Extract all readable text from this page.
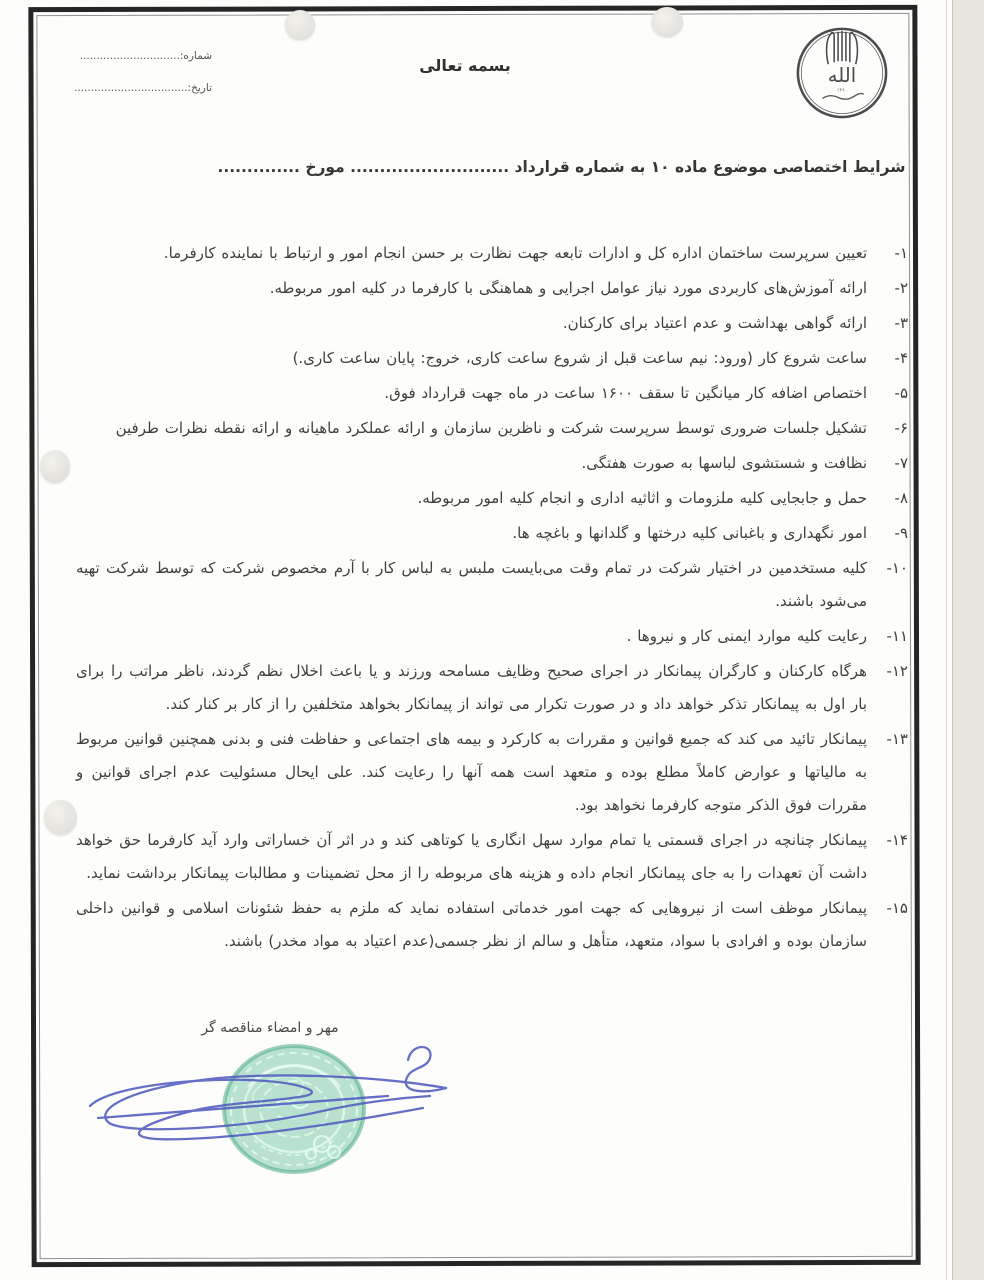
الله
۱۳۶۰
بسمه تعالی
شماره:..............................
تاریخ:..................................
شرایط اختصاصی موضوع ماده ۱۰ به شماره قرارداد ........................... مورخ ..............
۱-
تعیین سرپرست ساختمان اداره کل و ادارات تابعه جهت نظارت بر حسن انجام امور و ارتباط با نماینده کارفرما.
۲-
ارائه آموزش‌های کاربردی مورد نیاز عوامل اجرایی و هماهنگی با کارفرما در کلیه امور مربوطه.
۳-
ارائه گواهی بهداشت و عدم اعتیاد برای کارکنان.
۴-
ساعت شروع کار (ورود: نیم ساعت قبل از شروع ساعت کاری، خروج: پایان ساعت کاری.)
۵-
اختصاص اضافه کار میانگین تا سقف ۱۶۰۰ ساعت در ماه جهت قرارداد فوق.
۶-
تشکیل جلسات ضروری توسط سرپرست شرکت و ناظرین سازمان و ارائه عملکرد ماهیانه و ارائه نقطه نظرات طرفین
۷-
نظافت و شستشوی لباسها به صورت هفتگی.
۸-
حمل و جابجایی کلیه ملزومات و اثاثیه اداری و انجام کلیه امور مربوطه.
۹-
امور نگهداری و باغبانی کلیه درختها و گلدانها و باغچه ها.
۱۰-
کلیه مستخدمین در اختیار شرکت در تمام وقت می‌بایست ملبس به لباس کار با آرم مخصوص شرکت که توسط شرکت تهیه می‌شود باشند.
۱۱-
رعایت کلیه موارد ایمنی کار و نیروها .
۱۲-
هرگاه کارکنان و کارگران پیمانکار در اجرای صحیح وظایف مسامحه ورزند و یا باعث اخلال نظم گردند، ناظر مراتب را برای بار اول به پیمانکار تذکر خواهد داد و در صورت تکرار می تواند از پیمانکار بخواهد متخلفین را از کار بر کنار کند.
۱۳-
پیمانکار تائید می کند که جمیع قوانین و مقررات به کارکرد و بیمه های اجتماعی و حفاظت فنی و بدنی همچنین قوانین مربوط به مالیاتها و عوارض کاملاً مطلع بوده و متعهد است همه آنها را رعایت کند. علی ایحال مسئولیت عدم اجرای قوانین و مقررات فوق الذکر متوجه کارفرما نخواهد بود.
۱۴-
پیمانکار چنانچه در اجرای قسمتی یا تمام موارد سهل انگاری یا کوتاهی کند و در اثر آن خساراتی وارد آید کارفرما حق خواهد داشت آن تعهدات را به جای پیمانکار انجام داده و هزینه های مربوطه را از محل تضمینات و مطالبات پیمانکار برداشت نماید.
۱۵-
پیمانکار موظف است از نیروهایی که جهت امور خدماتی استفاده نماید که ملزم به حفظ شئونات اسلامی و قوانین داخلی سازمان بوده و افرادی با سواد، متعهد، متأهل و سالم از نظر جسمی(عدم اعتیاد به مواد مخدر) باشند.
مهر و امضاء مناقصه گر
